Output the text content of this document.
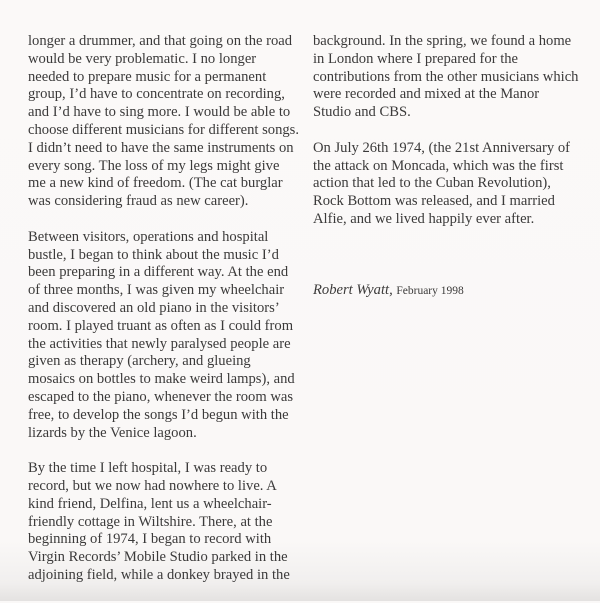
longer a drummer, and that going on the road
would be very problematic. I no longer
needed to prepare music for a permanent
group, I’d have to concentrate on recording,
and I’d have to sing more. I would be able to
choose different musicians for different songs.
I didn’t need to have the same instruments on
every song. The loss of my legs might give
me a new kind of freedom. (The cat burglar
was considering fraud as new career).

Between visitors, operations and hospital
bustle, I began to think about the music I’d
been preparing in a different way. At the end
of three months, I was given my wheelchair
and discovered an old piano in the visitors’
room. I played truant as often as I could from
the activities that newly paralysed people are
given as therapy (archery, and glueing
mosaics on bottles to make weird lamps), and
escaped to the piano, whenever the room was
free, to develop the songs I’d begun with the
lizards by the Venice lagoon.

By the time I left hospital, I was ready to
record, but we now had nowhere to live. A
kind friend, Delfina, lent us a wheelchair-
friendly cottage in Wiltshire. There, at the
beginning of 1974, I began to record with
Virgin Records’ Mobile Studio parked in the
adjoining field, while a donkey brayed in the

background. In the spring, we found a home
in London where I prepared for the
contributions from the other musicians which
were recorded and mixed at the Manor
Studio and CBS.

On July 26th 1974, (the 21st Anniversary of
the attack on Moncada, which was the first
action that led to the Cuban Revolution),
Rock Bottom was released, and I married
Alfie, and we lived happily ever after.

Robert Wyatt, February 1998
